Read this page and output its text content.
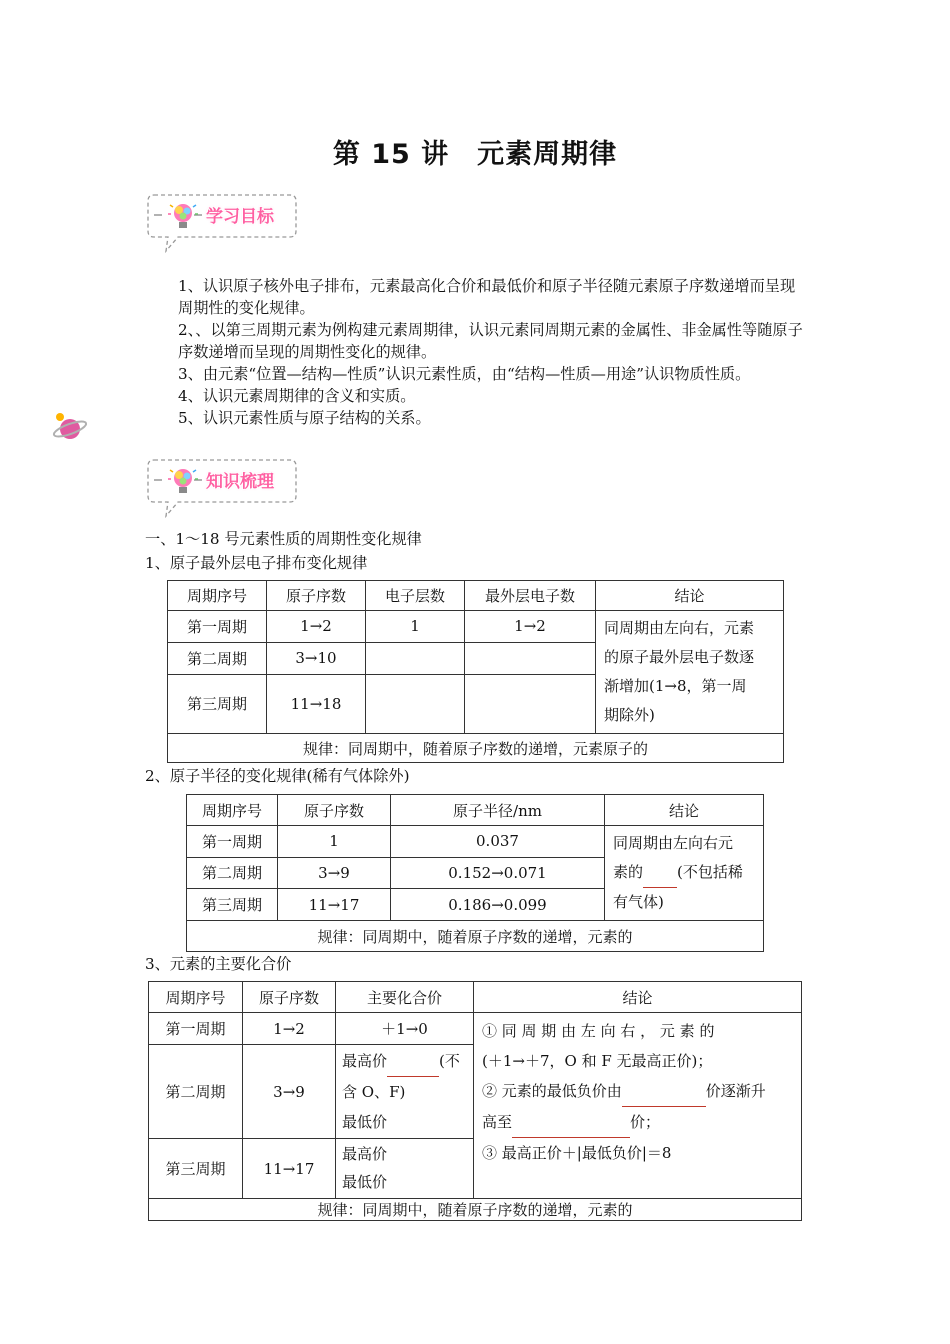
第 15 讲　元素周期律
学习目标

1、认识原子核外电子排布，元素最高化合价和最低价和原子半径随元素原子序数递增而呈现周期性的变化规律。

2、、以第三周期元素为例构建元素周期律，认识元素同周期元素的金属性、非金属性等随原子序数递增而呈现的周期性变化的规律。

3、由元素“位置—结构—性质”认识元素性质，由“结构—性质—用途”认识物质性质。

4、认识元素周期律的含义和实质。

5、认识元素性质与原子结构的关系。

知识梳理
一、1～18 号元素性质的周期性变化规律
1、原子最外层电子排布变化规律
周期序号	原子序数	电子层数	最外层电子数	结论
第一周期	1→2	1	1→2	同周期由左向右，元素
的原子最外层电子数逐
渐增加(1→8，第一周
期除外)

第二周期	3→10			
第三周期	11→18			
规律：同周期中，随着原子序数的递增，元素原子的				
2、原子半径的变化规律(稀有气体除外)
周期序号	原子序数	原子半径/nm	结论
第一周期	1	0.037	同周期由左向右元
素的 (不包括稀
有气体)

第二周期	3→9	0.152→0.071	
第三周期	11→17	0.186→0.099	
规律：同周期中，随着原子序数的递增，元素的			
3、元素的主要化合价
周期序号	原子序数	主要化合价	结论
第一周期	1→2	＋1→0	① 同 周 期 由 左 向 右 ， 元 素 的
(＋1→＋7，O 和 F 无最高正价)；
② 元素的最低负价由 价逐渐升
高至 价；
③ 最高正价＋|最低负价|＝8

第二周期	3→9	最高价 (不
含 O、F)
最低价	

第三周期	11→17	最高价
最低价	

规律：同周期中，随着原子序数的递增，元素的			
